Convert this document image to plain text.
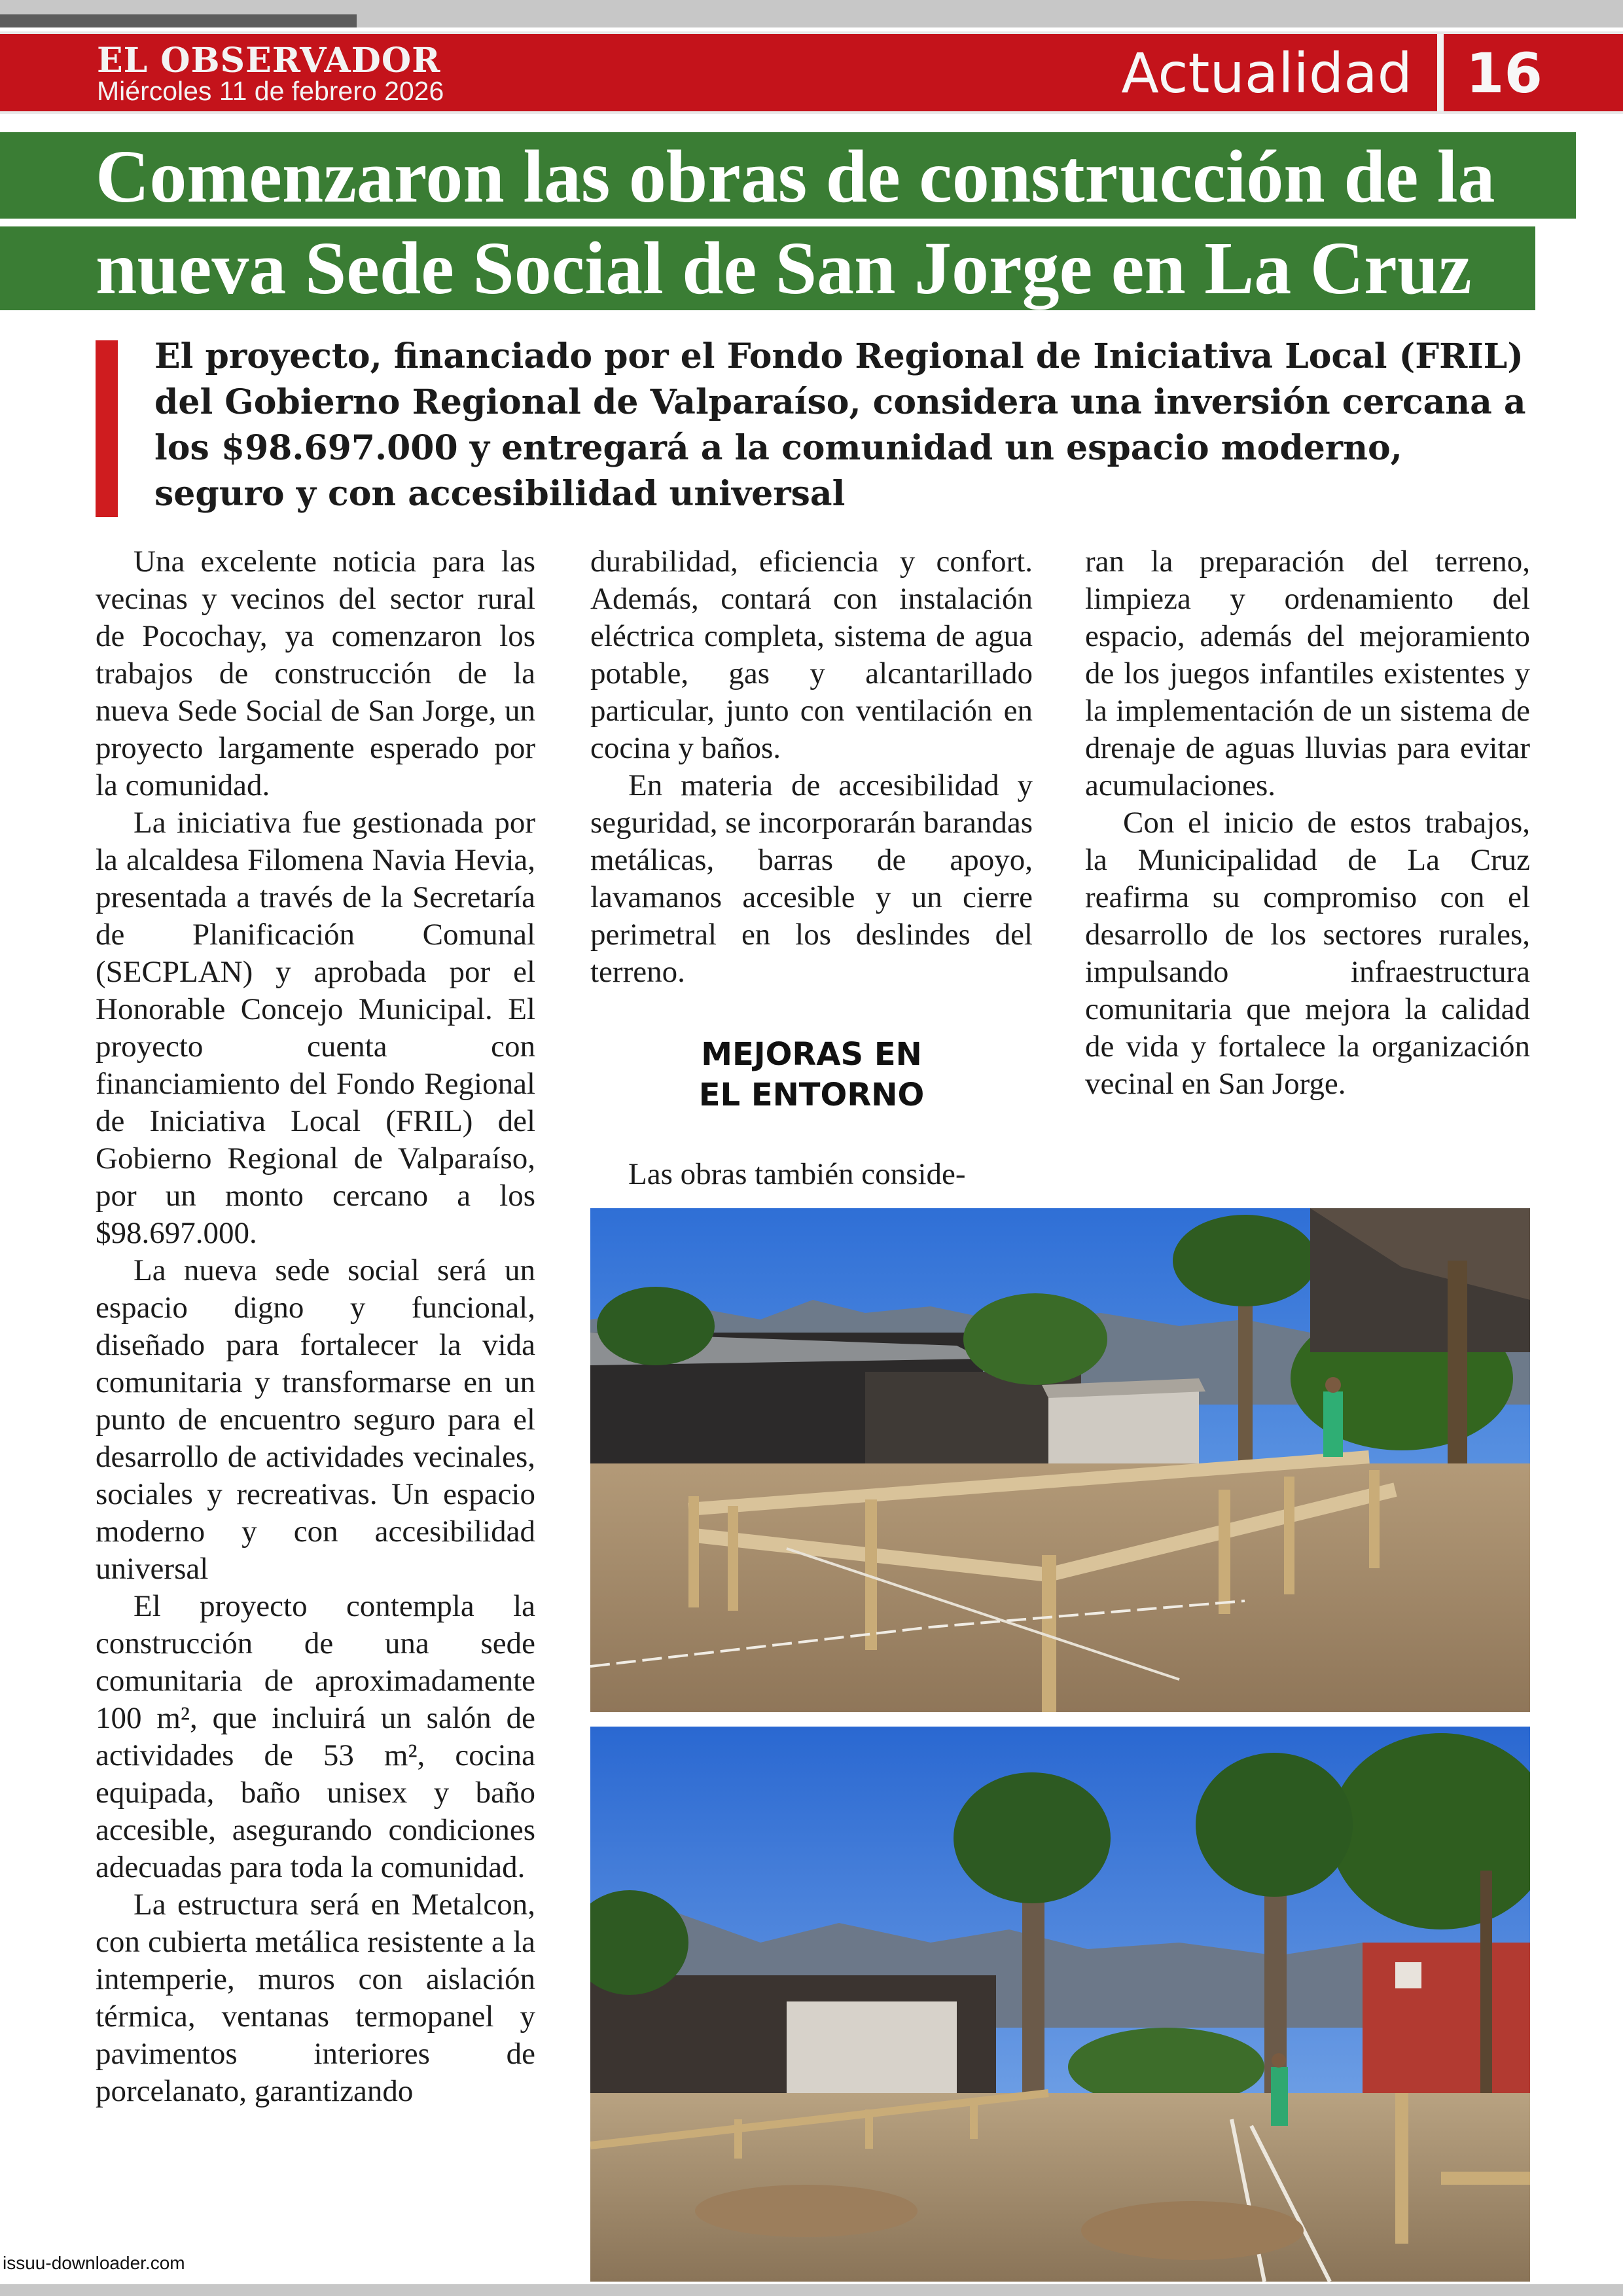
EL OBSERVADOR
Miércoles 11 de febrero 2026	Actualidad 16
Comenzaron las obras de construcción de la nueva Sede Social de San Jorge en La Cruz

El proyecto, financiado por el Fondo Regional de Iniciativa Local (FRIL) del Gobierno Regional de Valparaíso, considera una inversión cercana a los $98.697.000 y entregará a la comunidad un espacio moderno, seguro y con accesibilidad universal

Una excelente noticia para las vecinas y vecinos del sector rural de Pocochay, ya comenzaron los trabajos de construcción de la nueva Sede Social de San Jorge, un proyecto largamente esperado por la comunidad.

La iniciativa fue gestionada por la alcaldesa Filomena Navia Hevia, presentada a través de la Secretaría de Planificación Comunal (SECPLAN) y aprobada por el Honorable Concejo Municipal. El proyecto cuenta con financiamiento del Fondo Regional de Iniciativa Local (FRIL) del Gobierno Regional de Valparaíso, por un monto cercano a los $98.697.000.

La nueva sede social será un espacio digno y funcional, diseñado para fortalecer la vida comunitaria y transformarse en un punto de encuentro seguro para el desarrollo de actividades vecinales, sociales y recreativas. Un espacio moderno y con accesibilidad universal

El proyecto contempla la construcción de una sede comunitaria de aproximadamente 100 m², que incluirá un salón de actividades de 53 m², cocina equipada, baño unisex y baño accesible, asegurando condiciones adecuadas para toda la comunidad.

La estructura será en Metalcon, con cubierta metálica resistente a la intemperie, muros con aislación térmica, ventanas termopanel y pavimentos interiores de porcelanato, garantizando

durabilidad, eficiencia y confort. Además, contará con instalación eléctrica completa, sistema de agua potable, gas y alcantarillado particular, junto con ventilación en cocina y baños.

En materia de accesibilidad y seguridad, se incorporarán barandas metálicas, barras de apoyo, lavamanos accesible y un cierre perimetral en los deslindes del terreno.

MEJORAS EN
EL ENTORNO

Las obras también conside-

ran la preparación del terreno, limpieza y ordenamiento del espacio, además del mejoramiento de los juegos infantiles existentes y la implementación de un sistema de drenaje de aguas lluvias para evitar acumulaciones.

Con el inicio de estos trabajos, la Municipalidad de La Cruz reafirma su compromiso con el desarrollo de los sectores rurales, impulsando infraestructura comunitaria que mejora la calidad de vida y fortalece la organización vecinal en San Jorge.

issuu-downloader.com
